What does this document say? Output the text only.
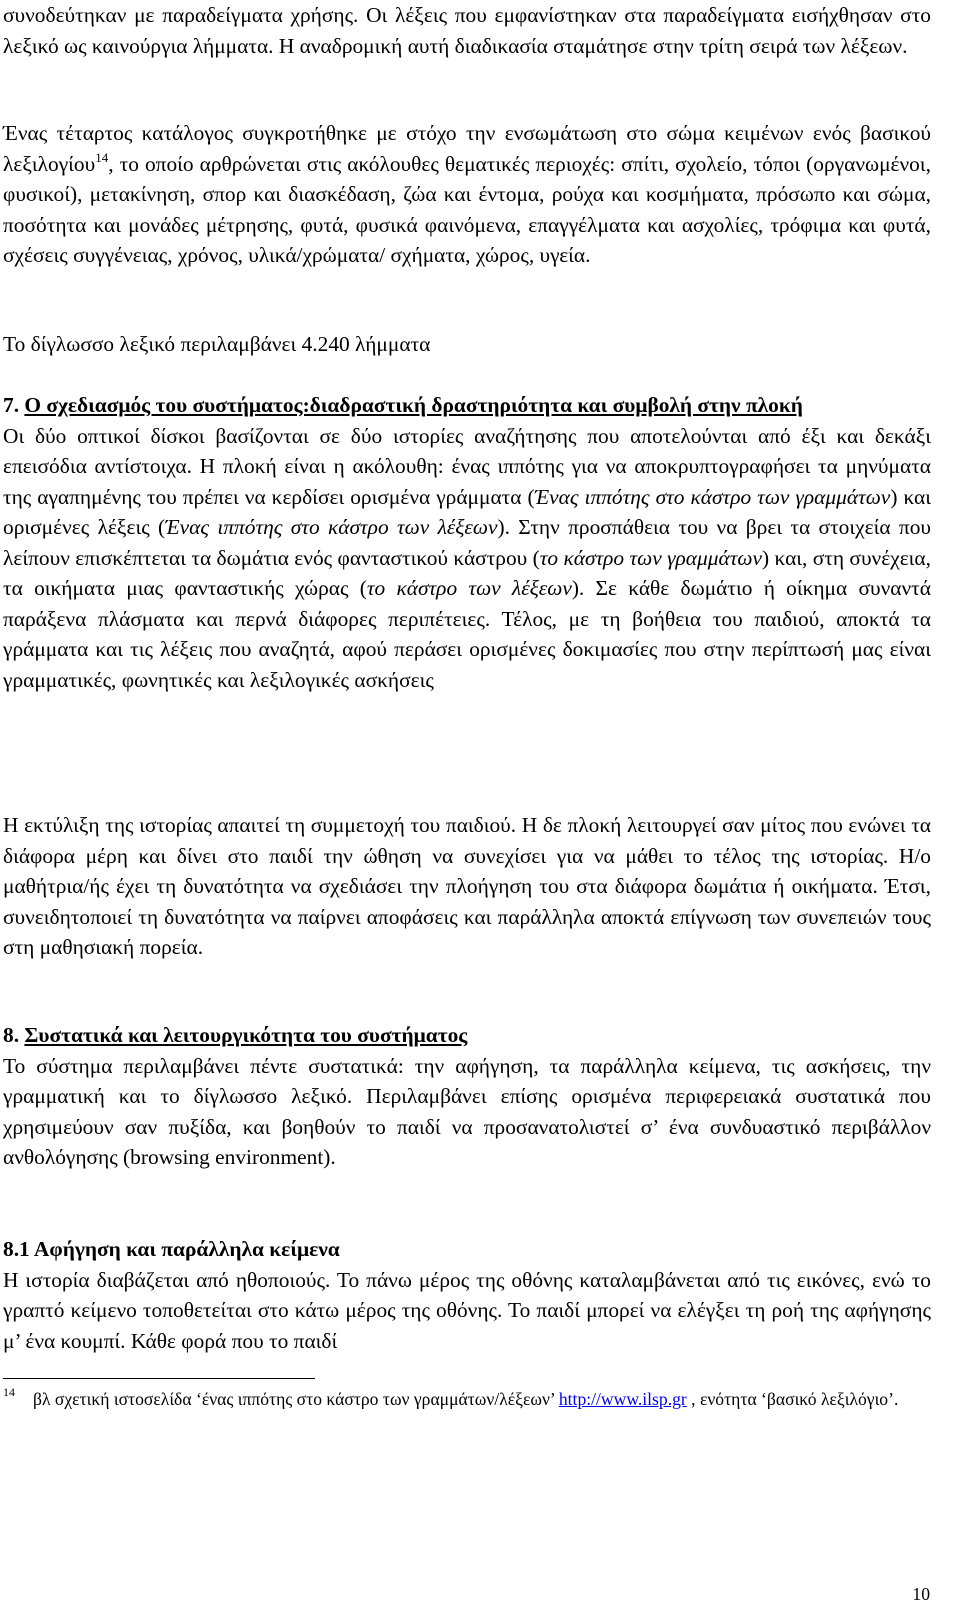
συνοδεύτηκαν με παραδείγματα χρήσης. Οι λέξεις που εμφανίστηκαν στα παραδείγματα εισήχθησαν στο λεξικό ως καινούργια λήμματα. Η αναδρομική αυτή διαδικασία σταμάτησε στην τρίτη σειρά των λέξεων.

Ένας τέταρτος κατάλογος συγκροτήθηκε με στόχο την ενσωμάτωση στο σώμα κειμένων ενός βασικού λεξιλογίου$^{14}$, το οποίο αρθρώνεται στις ακόλουθες θεματικές περιοχές: σπίτι, σχολείο, τόποι (οργανωμένοι, φυσικοί), μετακίνηση, σπορ και διασκέδαση, ζώα και έντομα, ρούχα και κοσμήματα, πρόσωπο και σώμα, ποσότητα και μονάδες μέτρησης, φυτά, φυσικά φαινόμενα, επαγγέλματα και ασχολίες, τρόφιμα και φυτά, σχέσεις συγγένειας, χρόνος, υλικά/χρώματα/ σχήματα, χώρος, υγεία.

Το δίγλωσσο λεξικό περιλαμβάνει 4.240 λήμματα

7. Ο σχεδιασμός του συστήματος:διαδραστική δραστηριότητα και συμβολή στην πλοκή

Οι δύο οπτικοί δίσκοι βασίζονται σε δύο ιστορίες αναζήτησης που αποτελούνται από έξι και δεκάξι επεισόδια αντίστοιχα. Η πλοκή είναι η ακόλουθη: ένας ιππότης για να αποκρυπτογραφήσει τα μηνύματα της αγαπημένης του πρέπει να κερδίσει ορισμένα γράμματα (Ένας ιππότης στο κάστρο των γραμμάτων) και ορισμένες λέξεις (Ένας ιππότης στο κάστρο των λέξεων). Στην προσπάθεια του να βρει τα στοιχεία που λείπουν επισκέπτεται τα δωμάτια ενός φανταστικού κάστρου (το κάστρο των γραμμάτων) και, στη συνέχεια, τα οικήματα μιας φανταστικής χώρας (το κάστρο των λέξεων). Σε κάθε δωμάτιο ή οίκημα συναντά παράξενα πλάσματα και περνά διάφορες περιπέτειες. Τέλος, με τη βοήθεια του παιδιού, αποκτά τα γράμματα και τις λέξεις που αναζητά, αφού περάσει ορισμένες δοκιμασίες που στην περίπτωσή μας είναι γραμματικές, φωνητικές και λεξιλογικές ασκήσεις

Η εκτύλιξη της ιστορίας απαιτεί τη συμμετοχή του παιδιού. Η δε πλοκή λειτουργεί σαν μίτος που ενώνει τα διάφορα μέρη και δίνει στο παιδί την ώθηση να συνεχίσει για να μάθει το τέλος της ιστορίας. Η/ο μαθήτρια/ής έχει τη δυνατότητα να σχεδιάσει την πλοήγηση του στα διάφορα δωμάτια ή οικήματα. Έτσι, συνειδητοποιεί τη δυνατότητα να παίρνει αποφάσεις και παράλληλα αποκτά επίγνωση των συνεπειών τους στη μαθησιακή πορεία.

8. Συστατικά και λειτουργικότητα του συστήματος

Το σύστημα περιλαμβάνει πέντε συστατικά: την αφήγηση, τα παράλληλα κείμενα, τις ασκήσεις, την γραμματική και το δίγλωσσο λεξικό. Περιλαμβάνει επίσης ορισμένα περιφερειακά συστατικά που χρησιμεύουν σαν πυξίδα, και βοηθούν το παιδί να προσανατολιστεί σ’ ένα συνδυαστικό περιβάλλον ανθολόγησης (browsing environment).

8.1 Αφήγηση και παράλληλα κείμενα

Η ιστορία διαβάζεται από ηθοποιούς. Το πάνω μέρος της οθόνης καταλαμβάνεται από τις εικόνες, ενώ το γραπτό κείμενο τοποθετείται στο κάτω μέρος της οθόνης. Το παιδί μπορεί να ελέγξει τη ροή της αφήγησης μ’ ένα κουμπί. Κάθε φορά που το παιδί

$^{14}$ βλ σχετική ιστοσελίδα ‘ένας ιππότης στο κάστρο των γραμμάτων/λέξεων’ http://www.ilsp.gr , ενότητα ‘βασικό λεξιλόγιο’.
10
